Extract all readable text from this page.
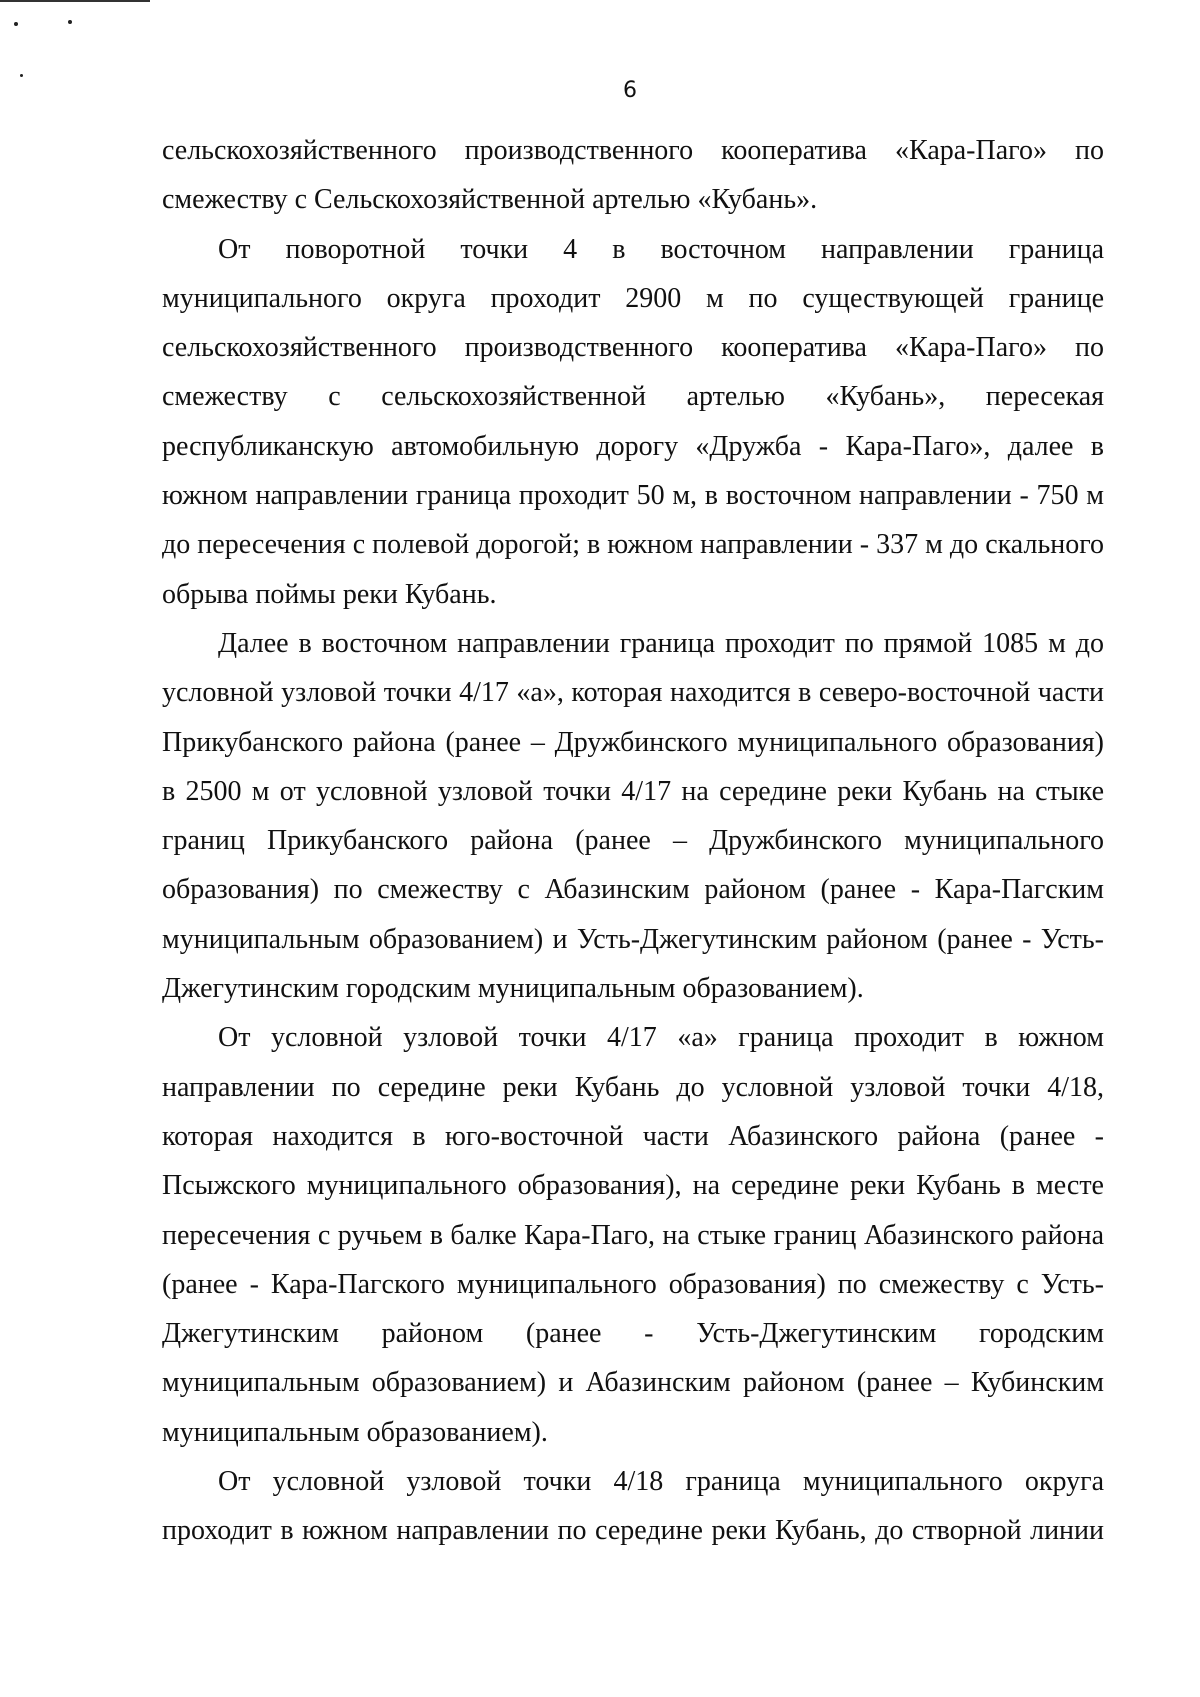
6

сельскохозяйственного производственного кооператива «Кара-Паго» по смежеству с Сельскохозяйственной артелью «Кубань».

От поворотной точки 4 в восточном направлении граница муниципального округа проходит 2900 м по существующей границе сельскохозяйственного производственного кооператива «Кара-Паго» по смежеству с сельскохозяйственной артелью «Кубань», пересекая республиканскую автомобильную дорогу «Дружба - Кара-Паго», далее в южном направлении граница проходит 50 м, в восточном направлении - 750 м до пересечения с полевой дорогой; в южном направлении - 337 м до скального обрыва поймы реки Кубань.

Далее в восточном направлении граница проходит по прямой 1085 м до условной узловой точки 4/17 «а», которая находится в северо-восточной части Прикубанского района (ранее – Дружбинского муниципального образования) в 2500 м от условной узловой точки 4/17 на середине реки Кубань на стыке границ Прикубанского района (ранее – Дружбинского муниципального образования) по смежеству с Абазинским районом (ранее - Кара-Пагским муниципальным образованием) и Усть-Джегутинским районом (ранее - Усть-Джегутинским городским муниципальным образованием).

От условной узловой точки 4/17 «а» граница проходит в южном направлении по середине реки Кубань до условной узловой точки 4/18, которая находится в юго-восточной части Абазинского района (ранее - Псыжского муниципального образования), на середине реки Кубань в месте пересечения с ручьем в балке Кара-Паго, на стыке границ Абазинского района (ранее - Кара-Пагского муниципального образования) по смежеству с Усть-Джегутинским районом (ранее - Усть-Джегутинским городским муниципальным образованием) и Абазинским районом (ранее – Кубинским муниципальным образованием).

От условной узловой точки 4/18 граница муниципального округа проходит в южном направлении по середине реки Кубань, до створной линии
